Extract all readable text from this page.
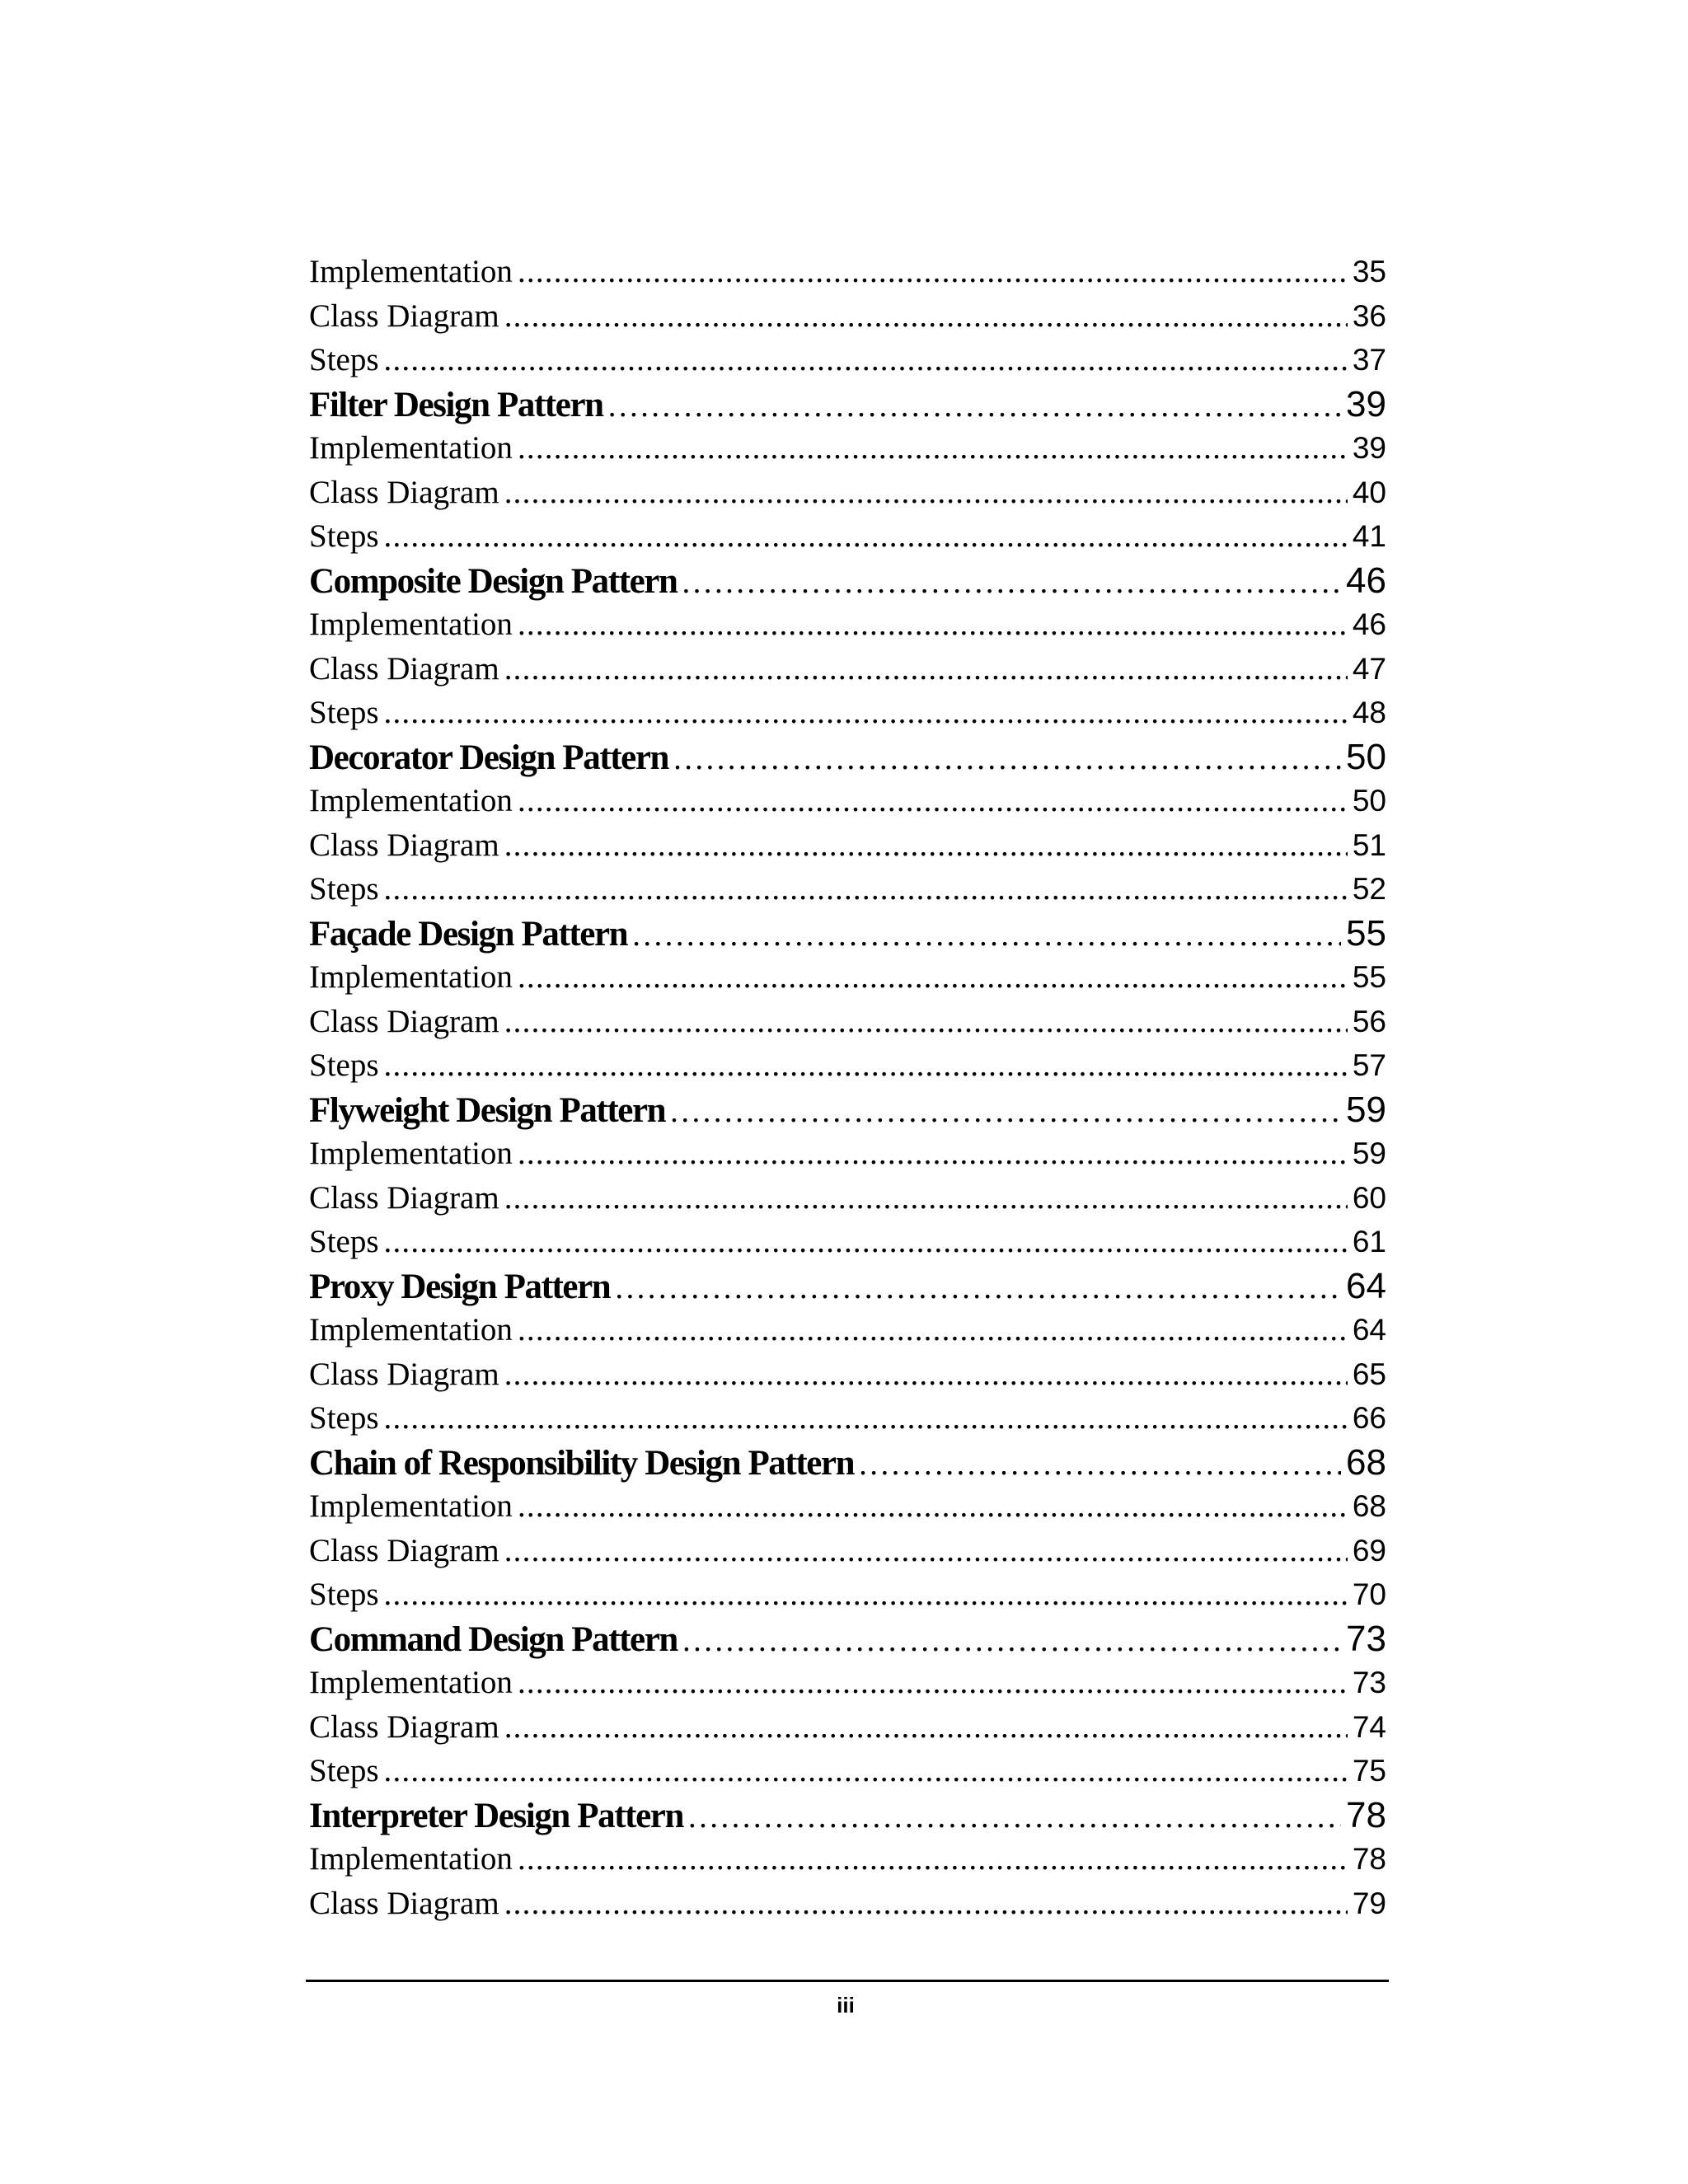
Implementation .....	35
Class Diagram .....	36
Steps .....	37
Filter Design Pattern .....	39
Implementation .....	39
Class Diagram .....	40
Steps .....	41
Composite Design Pattern .....	46
Implementation .....	46
Class Diagram .....	47
Steps .....	48
Decorator Design Pattern .....	50
Implementation .....	50
Class Diagram .....	51
Steps .....	52
Façade Design Pattern .....	55
Implementation .....	55
Class Diagram .....	56
Steps .....	57
Flyweight Design Pattern .....	59
Implementation .....	59
Class Diagram .....	60
Steps .....	61
Proxy Design Pattern .....	64
Implementation .....	64
Class Diagram .....	65
Steps .....	66
Chain of Responsibility Design Pattern .....	68
Implementation .....	68
Class Diagram .....	69
Steps .....	70
Command Design Pattern .....	73
Implementation .....	73
Class Diagram .....	74
Steps .....	75
Interpreter Design Pattern .....	78
Implementation .....	78
Class Diagram .....	79
iii
